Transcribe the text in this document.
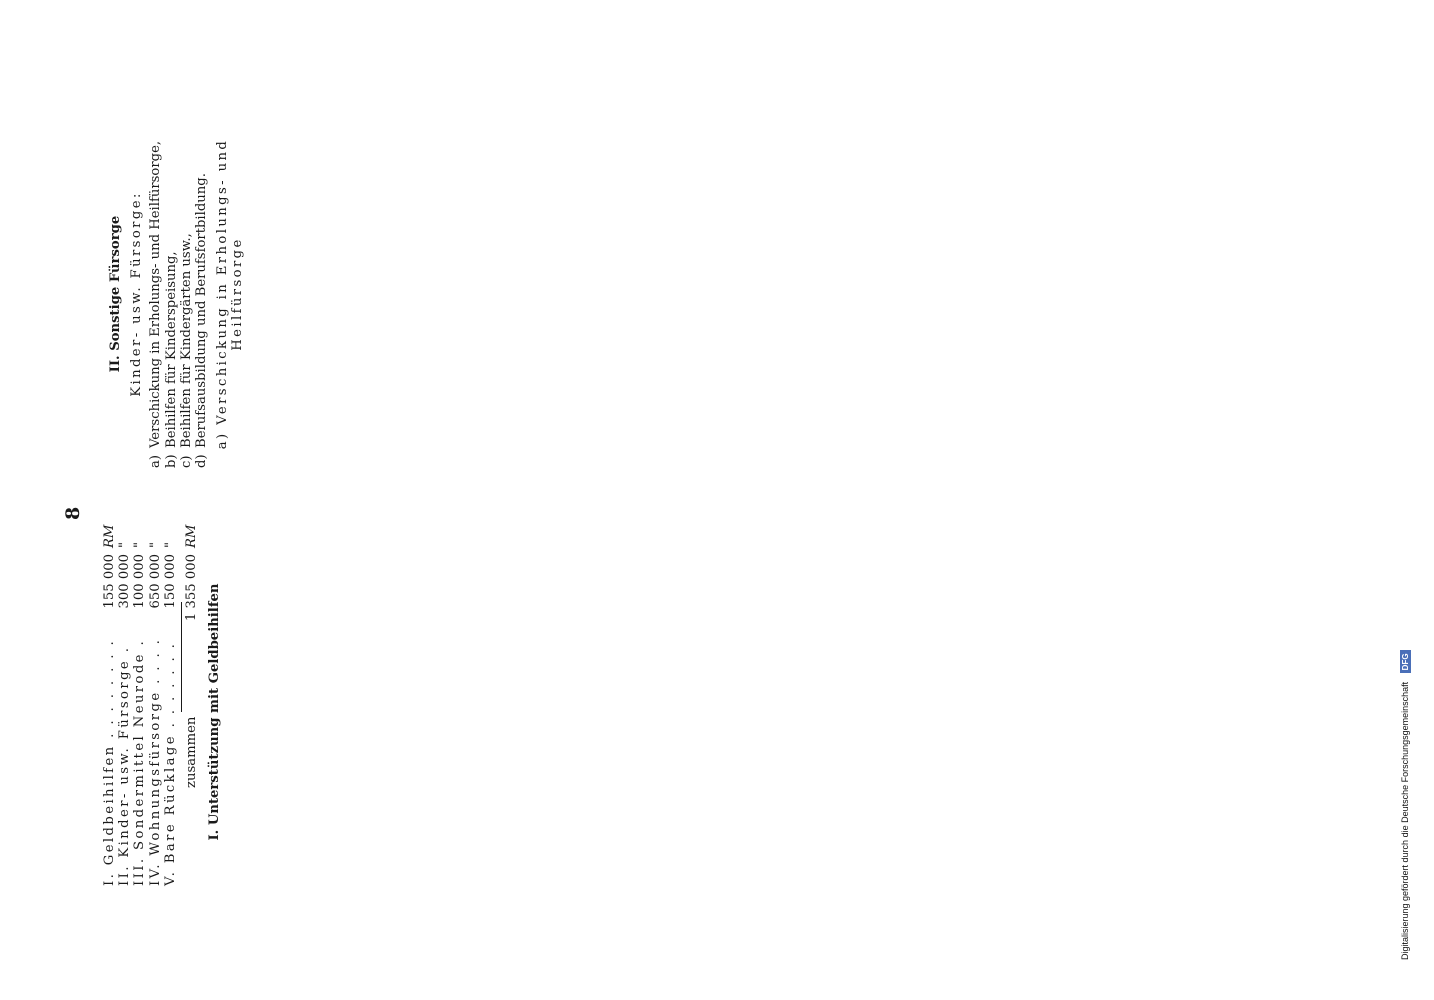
8
I. Geldbeihilfen . . .
155 000
RM
II. Kinder- usw. Fürsorge . . .
300 000
"
III. Sondermittel Neurode . . .
100 000
"
IV. Wohnungsfürsorge . . .
650 000
"
V. Bare Rücklage . . .
150 000
"
zusammen
1 355 000
RM
I. Unterstützung mit Geldbeihilfen
II. Sonstige Fürsorge Kinder- usw. Fürsorge:
a)Verschickung in Erholungs- und Heilfürsorge,
b)Beihilfen für Kinderspeisung,
c)Beihilfen für Kindergärten usw.,
d)Berufsausbildung und Berufsfortbildung. a) Verschickung in Erholungs- und Heilfürsorge
Digitalisierung gefördert durch die Deutsche Forschungsgemeinschaft DFG
